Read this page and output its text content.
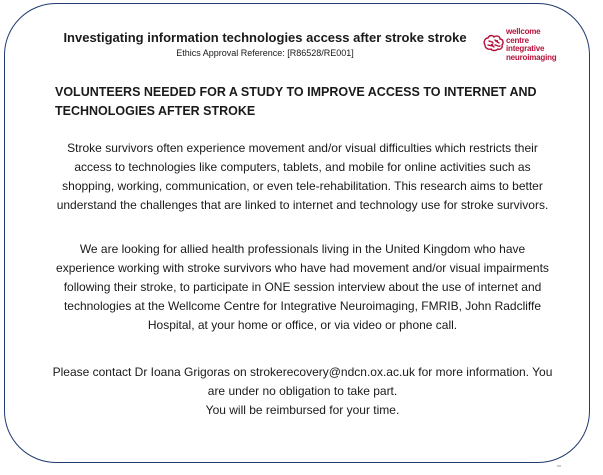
Investigating information technologies access after stroke stroke
Ethics Approval Reference: [R86528/RE001]
wellcome
centre
integrative
neuroimaging
VOLUNTEERS NEEDED FOR A STUDY TO IMPROVE ACCESS TO INTERNET AND TECHNOLOGIES AFTER STROKE
Stroke survivors often experience movement and/or visual difficulties which restricts their access to technologies like computers, tablets, and mobile for online activities such as shopping, working, communication, or even tele-rehabilitation. This research aims to better understand the challenges that are linked to internet and technology use for stroke survivors.
We are looking for allied health professionals living in the United Kingdom who have experience working with stroke survivors who have had movement and/or visual impairments following their stroke, to participate in ONE session interview about the use of internet and technologies at the Wellcome Centre for Integrative Neuroimaging, FMRIB, John Radcliffe Hospital, at your home or office, or via video or phone call.
Please contact Dr Ioana Grigoras on strokerecovery@ndcn.ox.ac.uk for more information. You are under no obligation to take part.
You will be reimbursed for your time.
